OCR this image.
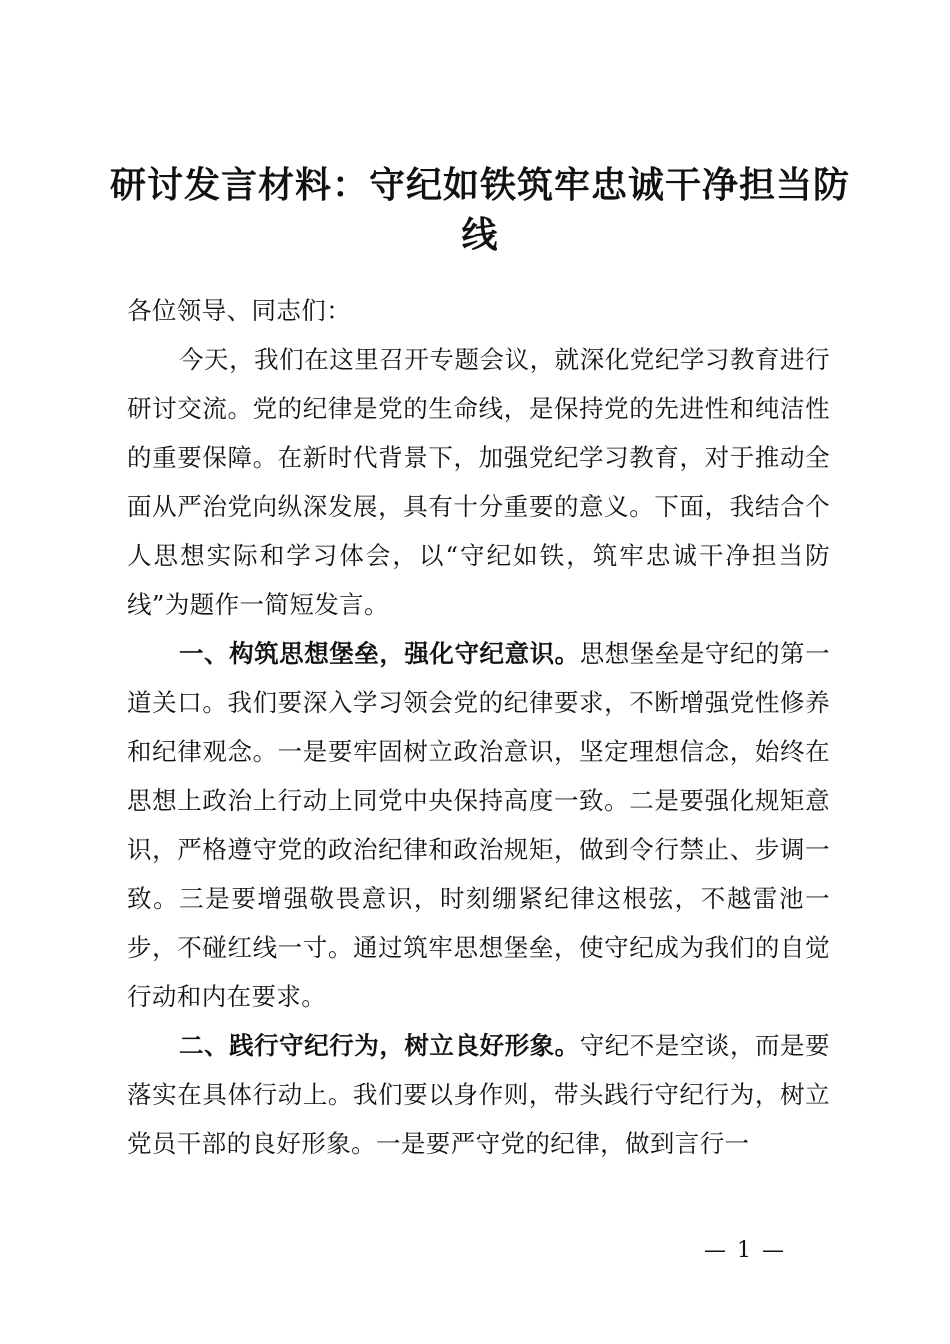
研讨发言材料：守纪如铁筑牢忠诚干净担当防线

各位领导、同志们：

今天，我们在这里召开专题会议，就深化党纪学习教育进行研讨交流。党的纪律是党的生命线，是保持党的先进性和纯洁性的重要保障。在新时代背景下，加强党纪学习教育，对于推动全面从严治党向纵深发展，具有十分重要的意义。下面，我结合个人思想实际和学习体会，以“守纪如铁，筑牢忠诚干净担当防线”为题作一简短发言。

一、构筑思想堡垒，强化守纪意识。思想堡垒是守纪的第一道关口。我们要深入学习领会党的纪律要求，不断增强党性修养和纪律观念。一是要牢固树立政治意识，坚定理想信念，始终在思想上政治上行动上同党中央保持高度一致。二是要强化规矩意识，严格遵守党的政治纪律和政治规矩，做到令行禁止、步调一致。三是要增强敬畏意识，时刻绷紧纪律这根弦，不越雷池一步，不碰红线一寸。通过筑牢思想堡垒，使守纪成为我们的自觉行动和内在要求。

二、践行守纪行为，树立良好形象。守纪不是空谈，而是要落实在具体行动上。我们要以身作则，带头践行守纪行为，树立党员干部的良好形象。一是要严守党的纪律，做到言行一

— 1 —
